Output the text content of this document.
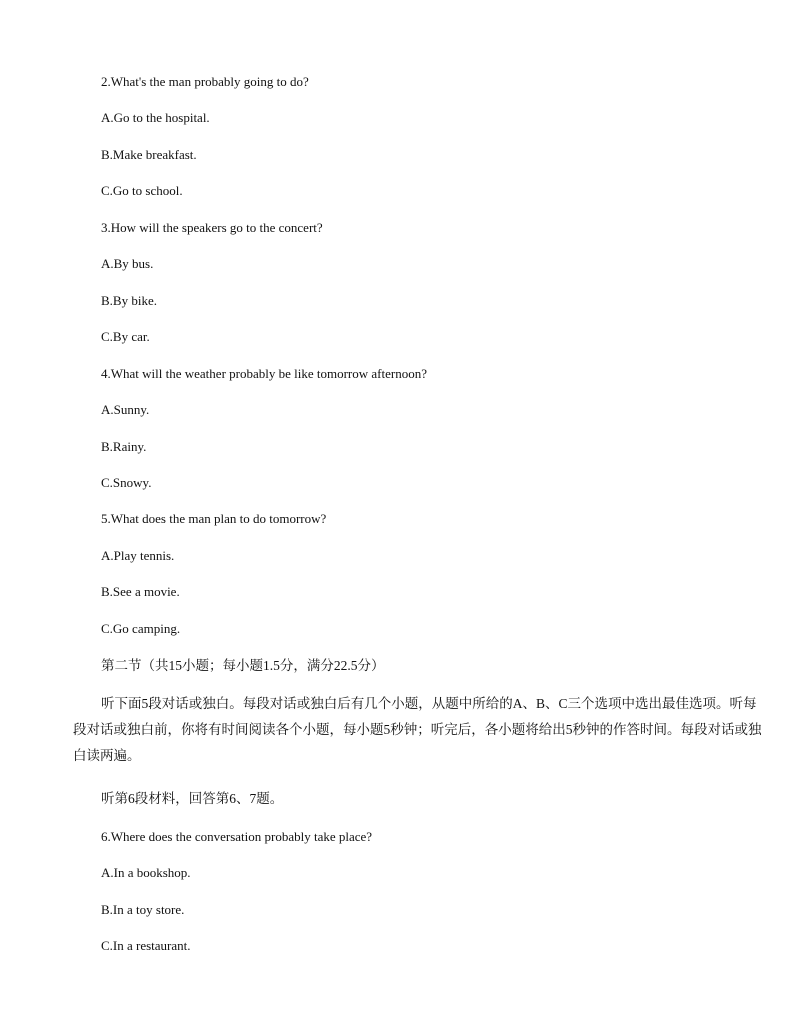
2.What's the man probably going to do?
A.Go to the hospital.
B.Make breakfast.
C.Go to school.
3.How will the speakers go to the concert?
A.By bus.
B.By bike.
C.By car.
4.What will the weather probably be like tomorrow afternoon?
A.Sunny.
B.Rainy.
C.Snowy.
5.What does the man plan to do tomorrow?
A.Play tennis.
B.See a movie.
C.Go camping.
第二节（共15小题；每小题1.5分，满分22.5分）
听下面5段对话或独白。每段对话或独白后有几个小题，从题中所给的A、B、C三个选项中选出最佳选项。听每段对话或独白前，你将有时间阅读各个小题，每小题5秒钟；听完后，各小题将给出5秒钟的作答时间。每段对话或独白读两遍。
听第6段材料，回答第6、7题。
6.Where does the conversation probably take place?
A.In a bookshop.
B.In a toy store.
C.In a restaurant.
